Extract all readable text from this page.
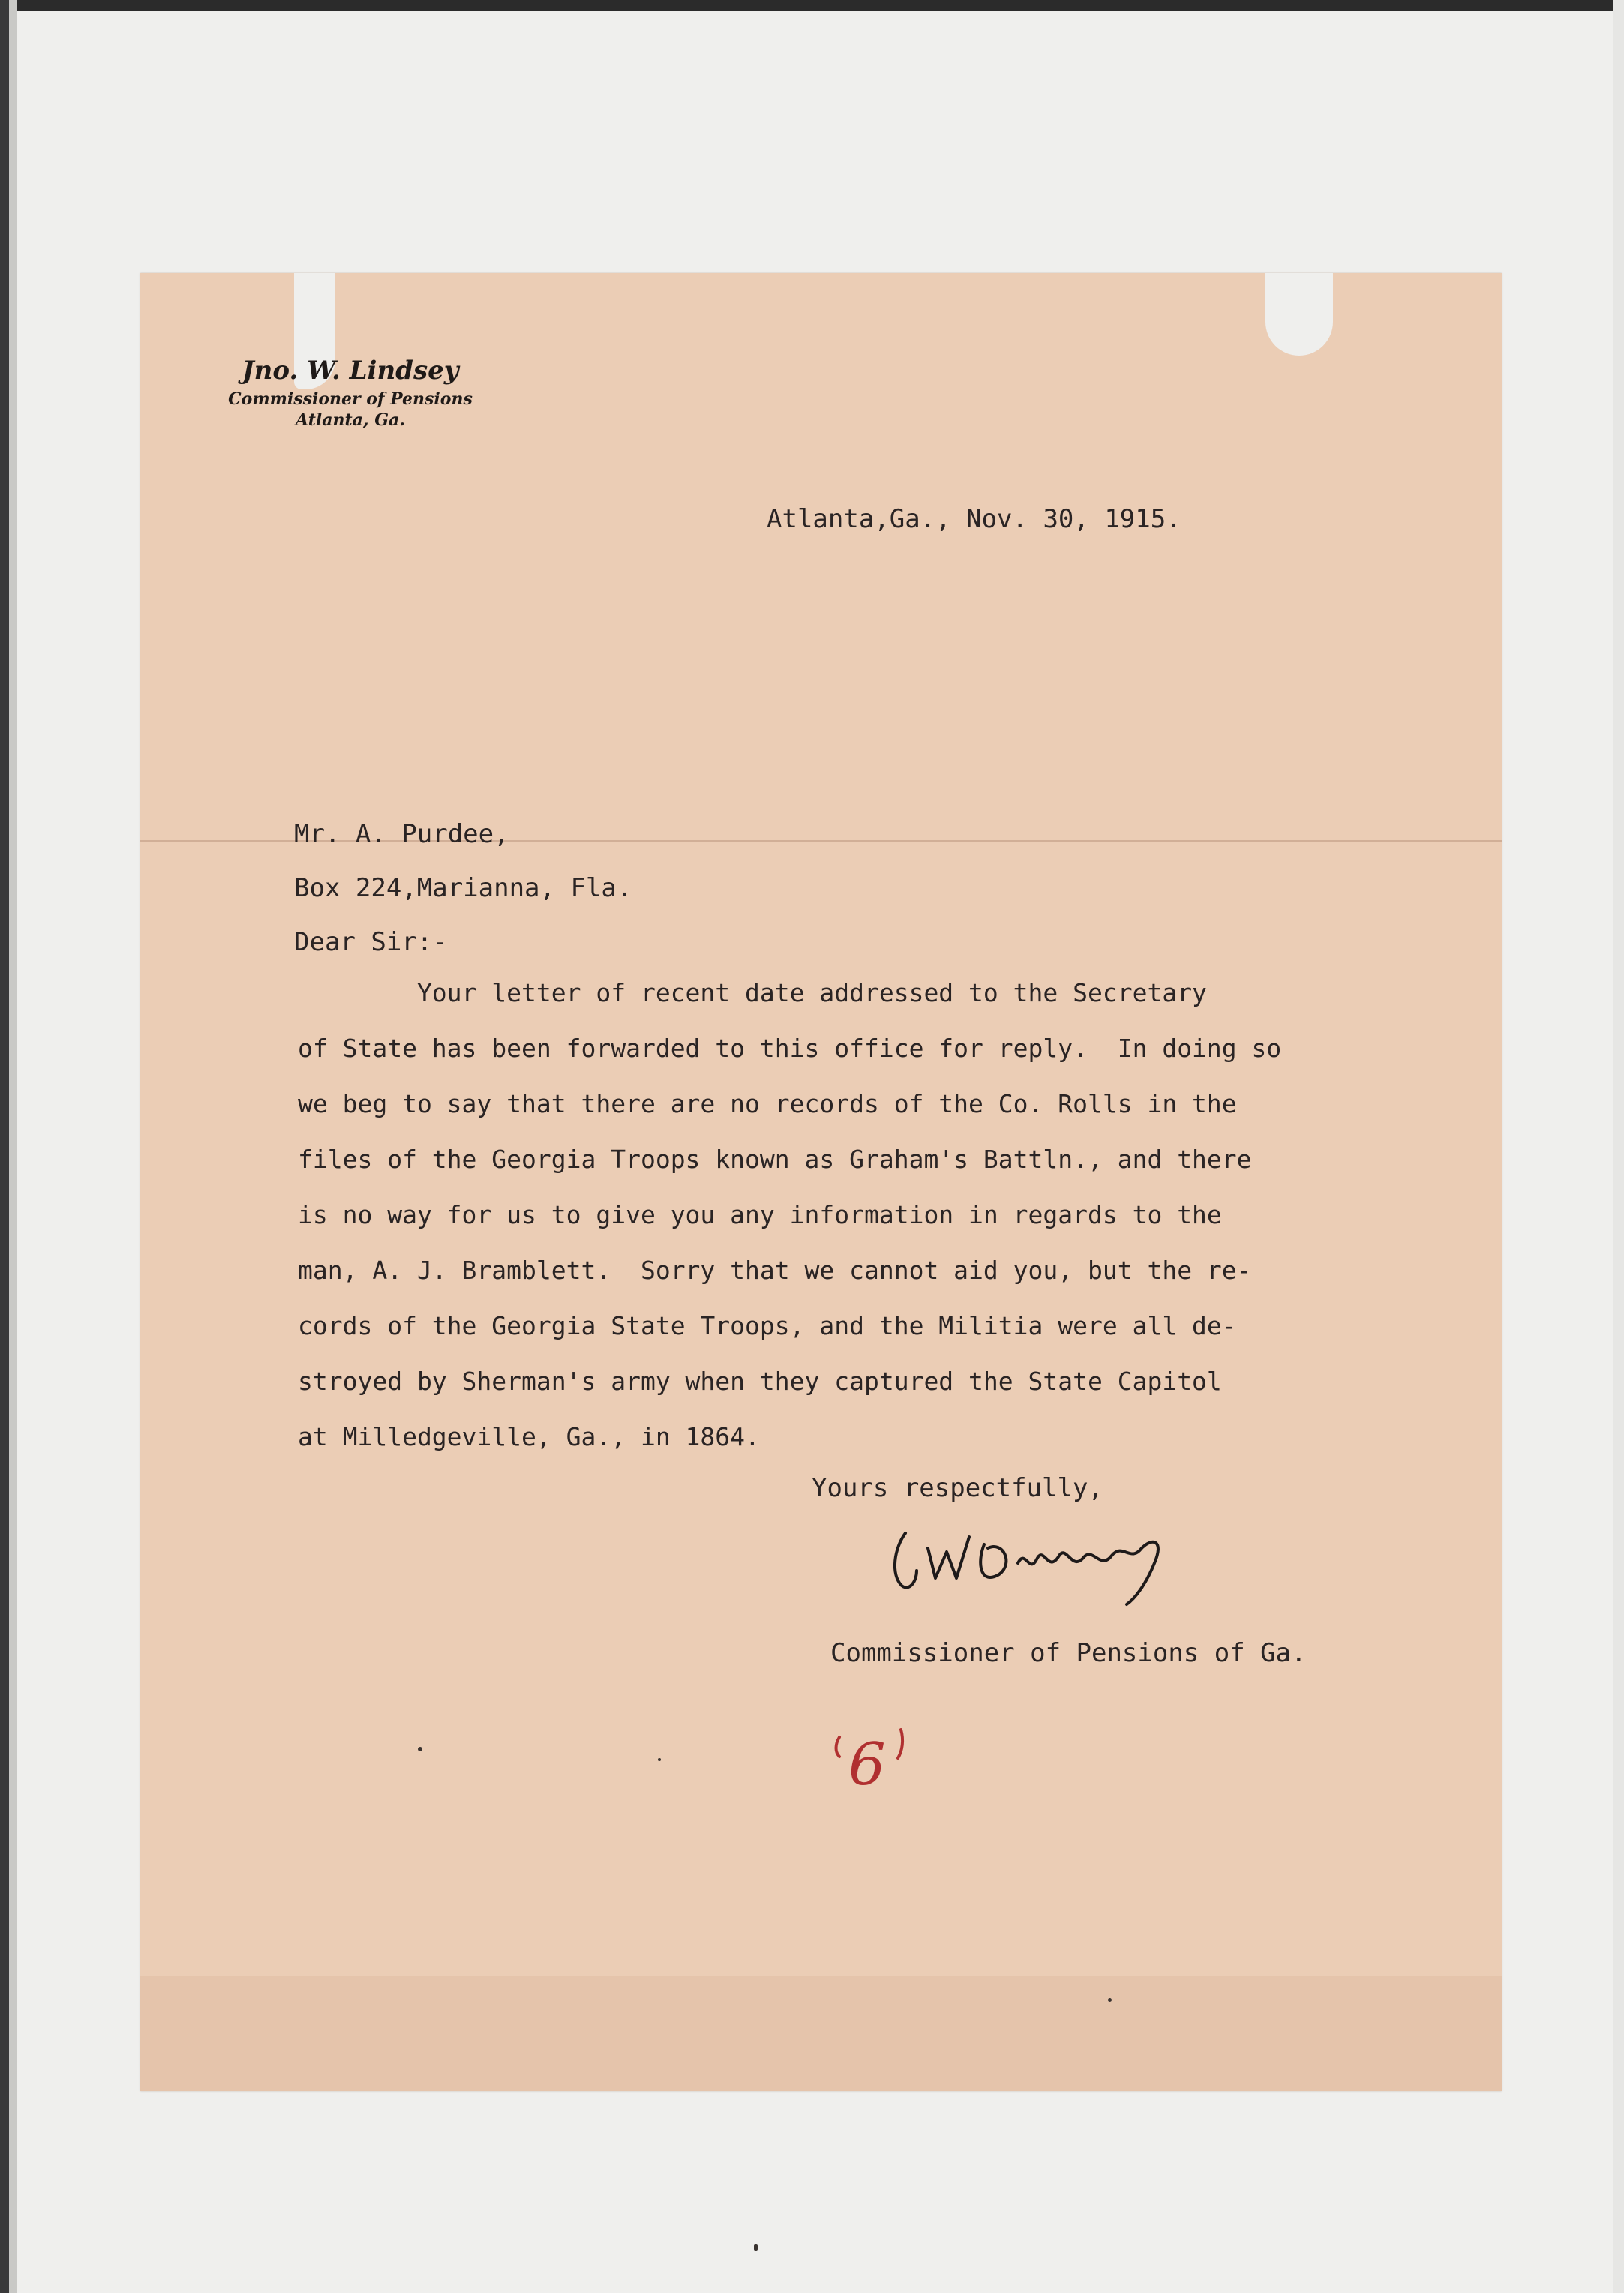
Jno. W. Lindsey
Commissioner of Pensions
Atlanta, Ga.
Atlanta,Ga., Nov. 30, 1915.
Mr. A. Purdee,
Box 224,Marianna, Fla.
Dear Sir:-
Your letter of recent date addressed to the Secretary
of State has been forwarded to this office for reply.  In doing so
we beg to say that there are no records of the Co. Rolls in the
files of the Georgia Troops known as Graham's Battln., and there
is no way for us to give you any information in regards to the
man, A. J. Bramblett.  Sorry that we cannot aid you, but the re-
cords of the Georgia State Troops, and the Militia were all de-
stroyed by Sherman's army when they captured the State Capitol
at Milledgeville, Ga., in 1864.
Yours respectfully,
Commissioner of Pensions of Ga.
6
